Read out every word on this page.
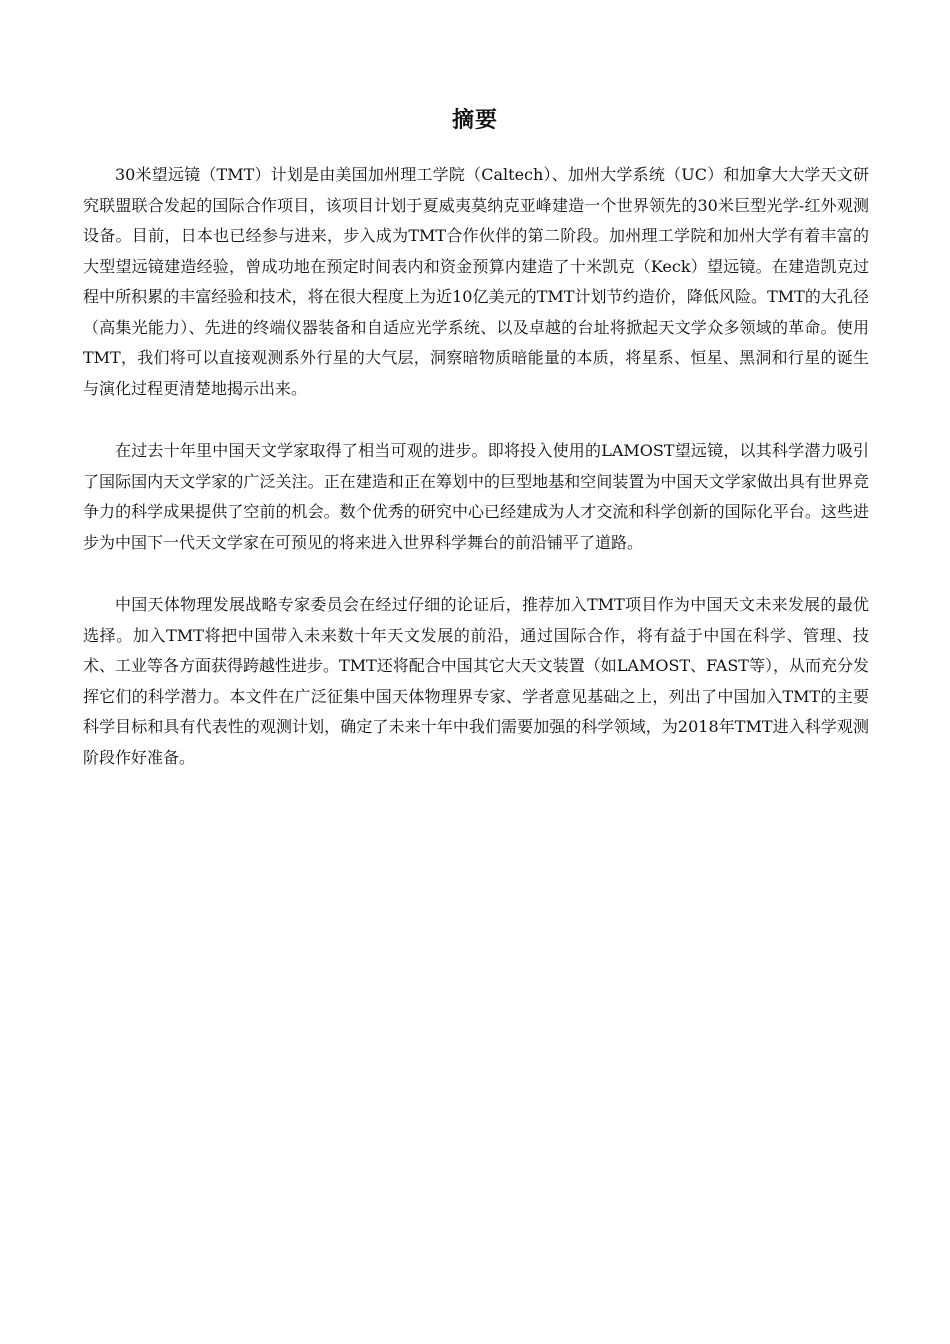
摘要

30米望远镜（TMT）计划是由美国加州理工学院（Caltech）、加州大学系统（UC）和加拿大大学天文研究联盟联合发起的国际合作项目，该项目计划于夏威夷莫纳克亚峰建造一个世界领先的30米巨型光学-红外观测设备。目前，日本也已经参与进来，步入成为TMT合作伙伴的第二阶段。加州理工学院和加州大学有着丰富的大型望远镜建造经验，曾成功地在预定时间表内和资金预算内建造了十米凯克（Keck）望远镜。在建造凯克过程中所积累的丰富经验和技术，将在很大程度上为近10亿美元的TMT计划节约造价，降低风险。TMT的大孔径（高集光能力）、先进的终端仪器装备和自适应光学系统、以及卓越的台址将掀起天文学众多领域的革命。使用TMT，我们将可以直接观测系外行星的大气层，洞察暗物质暗能量的本质，将星系、恒星、黑洞和行星的诞生与演化过程更清楚地揭示出来。

在过去十年里中国天文学家取得了相当可观的进步。即将投入使用的LAMOST望远镜，以其科学潜力吸引了国际国内天文学家的广泛关注。正在建造和正在筹划中的巨型地基和空间装置为中国天文学家做出具有世界竞争力的科学成果提供了空前的机会。数个优秀的研究中心已经建成为人才交流和科学创新的国际化平台。这些进步为中国下一代天文学家在可预见的将来进入世界科学舞台的前沿铺平了道路。

中国天体物理发展战略专家委员会在经过仔细的论证后，推荐加入TMT项目作为中国天文未来发展的最优选择。加入TMT将把中国带入未来数十年天文发展的前沿，通过国际合作，将有益于中国在科学、管理、技术、工业等各方面获得跨越性进步。TMT还将配合中国其它大天文装置（如LAMOST、FAST等），从而充分发挥它们的科学潜力。本文件在广泛征集中国天体物理界专家、学者意见基础之上，列出了中国加入TMT的主要科学目标和具有代表性的观测计划，确定了未来十年中我们需要加强的科学领域，为2018年TMT进入科学观测阶段作好准备。
